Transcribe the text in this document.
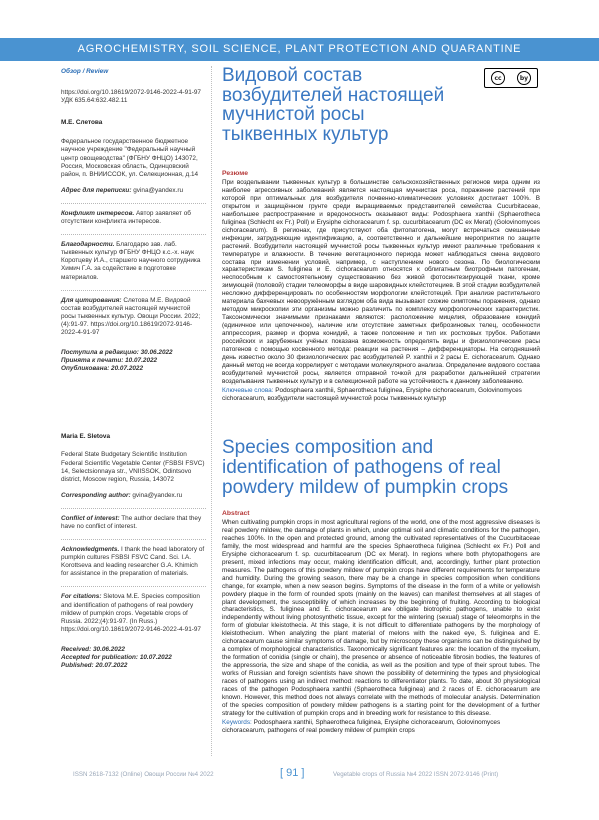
AGROCHEMISTRY, SOIL SCIENCE, PLANT PROTECTION AND QUARANTINE
Обзор / Review
https://doi.org/10.18619/2072-9146-2022-4-91-97
УДК 635.64:632.482.11
М.Е. Слетова
Федеральное государственное бюджетное научное учреждение "Федеральный научный центр овощеводства" (ФГБНУ ФНЦО) 143072, Россия, Московская область, Одинцовский район, п. ВНИИССОК, ул. Селекционная, д.14
Адрес для переписки: gvina@yandex.ru
Конфликт интересов. Автор заявляет об отсутствии конфликта интересов.
Благодарности. Благодарю зав. лаб. тыквенных культур ФГБНУ ФНЦО к.с.-х. наук Коротцеву И.А., старшего научного сотрудника Химич Г.А. за содействие в подготовке материалов.
Для цитирования: Слетова М.Е. Видовой состав возбудителей настоящей мучнистой росы тыквенных культур. Овощи России. 2022;(4):91-97. https://doi.org/10.18619/2072-9146-2022-4-91-97
Поступила в редакцию: 30.06.2022
Принята к печати: 10.07.2022
Опубликована: 20.07.2022
Maria E. Sletova
Federal State Budgetary Scientific Institution Federal Scientific Vegetable Center (FSBSI FSVC) 14, Selectsionnaya str., VNIISSOK, Odintsovo district, Moscow region, Russia, 143072
Corresponding author: gvina@yandex.ru
Conflict of interest: The author declare that they have no conflict of interest.
Acknowledgments. I thank the head laboratory of pumpkin cultures FSBSI FSVC Cand. Sci. I.A. Korottseva and leading researcher G.A. Khimich for assistance in the preparation of materials.
For citations: Sletova M.E. Species composition and identification of pathogens of real powdery mildew of pumpkin crops. Vegetable crops of Russia. 2022;(4):91-97. (In Russ.) https://doi.org/10.18619/2072-9146-2022-4-91-97
Received: 30.06.2022
Accepted for publication: 10.07.2022
Published: 20.07.2022
Видовой состав возбудителей настоящей мучнистой росы тыквенных культур
cc	by
Резюме
При возделывании тыквенных культур в большинстве сельскохозяйственных регионов мира одним из наиболее агрессивных заболеваний является настоящая мучнистая роса, поражение растений при которой при оптимальных для возбудителя почвенно-климатических условиях достигает 100%. В открытом и защищённом грунте среди выращиваемых представителей семейства Cucurbitaceae, наибольшее распространение и вредоносность оказывают виды: Podosphaera xanthii (Sphaerotheca fuliginea (Schlecht ex Fr.) Poll) и Erysiphe cichoracearum f. sp. cucurbitacearum (DC ex Merat) (Golovinomyces cichoracearum). В регионах, где присутствуют оба фитопатогена, могут встречаться смешанные инфекции, затрудняющие идентификацию, а, соответственно и дальнейшие мероприятия по защите растений. Возбудители настоящей мучнистой росы тыквенных культур имеют различные требования к температуре и влажности. В течение вегетационного периода может наблюдаться смена видового состава при изменении условий, например, с наступлением нового сезона. По биологическим характеристикам S. fuliginea и E. cichoracearum относятся к облигатным биотрофным патогенам, неспособным к самостоятельному существованию без живой фотосинтезирующей ткани, кроме зимующей (половой) стадии телеоморфы в виде шаровидных клейстотециев. В этой стадии возбудителей несложно дифференцировать по особенностям морфологии клейстотеций. При анализе растительного материала бахчевых невооружённым взглядом оба вида вызывают схожие симптомы поражения, однако методом микроскопии эти организмы можно различить по комплексу морфологических характеристик. Таксономически значимыми признаками являются: расположение мицелия, образование конидий (единичное или цепочечное), наличие или отсутствие заметных фиброзиновых телец, особенности аппрессория, размер и форма конидий, а также положение и тип их ростковых трубок. Работами российских и зарубежных учёных показана возможность определять виды и физиологические расы патогенов с помощью косвенного метода: реакции на растения – дифференциаторы. На сегодняшний день известно около 30 физиологических рас возбудителей P. xanthii и 2 расы E. cichoracearum. Однако данный метод не всегда коррелирует с методами молекулярного анализа. Определение видового состава возбудителей мучнистой росы, является отправной точкой для разработки дальнейшей стратегии возделывания тыквенных культур и в селекционной работе на устойчивость к данному заболеванию.
Ключевые слова: Podosphaera xanthii, Sphaerotheca fuliginea, Erysiphe cichoracearum, Golovinomyces cichoracearum, возбудители настоящей мучнистой росы тыквенных культур
Species composition and identification of pathogens of real powdery mildew of pumpkin crops
Abstract
When cultivating pumpkin crops in most agricultural regions of the world, one of the most aggressive diseases is real powdery mildew, the damage of plants in which, under optimal soil and climatic conditions for the pathogen, reaches 100%. In the open and protected ground, among the cultivated representatives of the Cucurbitaceae family, the most widespread and harmful are the species Sphaerotheca fuliginea (Schlecht ex Fr.) Poll and Erysiphe cichoracearum f. sp. cucurbitacearum (DC ex Merat). In regions where both phytopathogens are present, mixed infections may occur, making identification difficult, and, accordingly, further plant protection measures. The pathogens of this powdery mildew of pumpkin crops have different requirements for temperature and humidity. During the growing season, there may be a change in species composition when conditions change, for example, when a new season begins. Symptoms of the disease in the form of a white or yellowish powdery plaque in the form of rounded spots (mainly on the leaves) can manifest themselves at all stages of plant development, the susceptibility of which increases by the beginning of fruiting. According to biological characteristics, S. fuliginea and E. cichoracearum are obligate biotrophic pathogens, unable to exist independently without living photosynthetic tissue, except for the wintering (sexual) stage of teleomorphs in the form of globular kleistothecia. At this stage, it is not difficult to differentiate pathogens by the morphology of kleistothecium. When analyzing the plant material of melons with the naked eye, S. fuliginea and E. cichoracearum cause similar symptoms of damage, but by microscopy these organisms can be distinguished by a complex of morphological characteristics. Taxonomically significant features are: the location of the mycelium, the formation of conidia (single or chain), the presence or absence of noticeable fibrosin bodies, the features of the appressoria, the size and shape of the conidia, as well as the position and type of their sprout tubes. The works of Russian and foreign scientists have shown the possibility of determining the types and physiological races of pathogens using an indirect method: reactions to differentiator plants. To date, about 30 physiological races of the pathogen Podosphaera xanthii (Sphaerotheca fuliginea) and 2 races of E. cichoracearum are known. However, this method does not always correlate with the methods of molecular analysis. Determination of the species composition of powdery mildew pathogens is a starting point for the development of a further strategy for the cultivation of pumpkin crops and in breeding work for resistance to this disease.
Keywords: Podosphaera xanthii, Sphaerotheca fuliginea, Erysiphe cichoracearum, Golovinomyces cichoracearum, pathogens of real powdery mildew of pumpkin crops
ISSN 2618-7132 (Online) Овощи России №4 2022	[ 91 ]	Vegetable crops of Russia №4 2022 ISSN 2072-9146 (Print)
